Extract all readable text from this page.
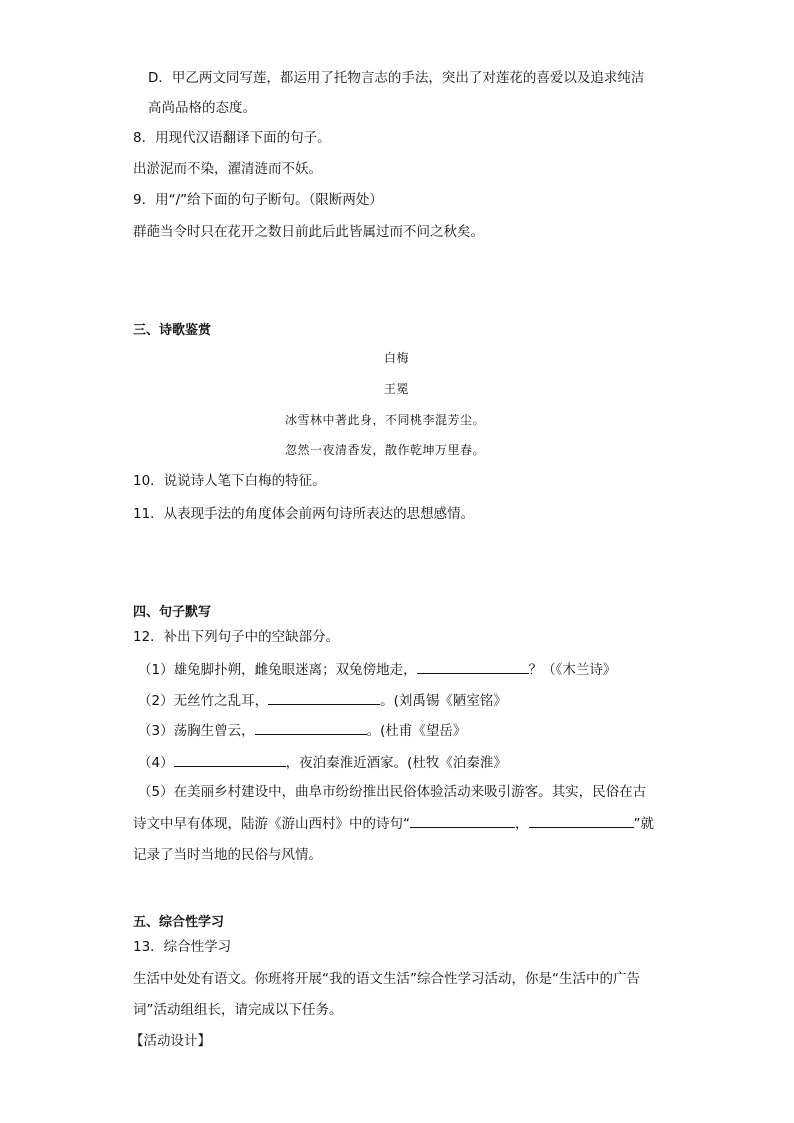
D．甲乙两文同写莲，都运用了托物言志的手法，突出了对莲花的喜爱以及追求纯洁
高尚品格的态度。
8．用现代汉语翻译下面的句子。
出淤泥而不染，濯清涟而不妖。
9．用“/”给下面的句子断句。（限断两处）
群葩当令时只在花开之数日前此后此皆属过而不问之秋矣。
三、诗歌鉴赏
白梅
王冕
冰雪林中著此身，不同桃李混芳尘。
忽然一夜清香发，散作乾坤万里春。
10．说说诗人笔下白梅的特征。
11．从表现手法的角度体会前两句诗所表达的思想感情。
四、句子默写
12．补出下列句子中的空缺部分。
（1）雄兔脚扑朔，雌兔眼迷离；双兔傍地走，	？（《木兰诗》
（2）无丝竹之乱耳，	。(刘禹锡《陋室铭》
（3）荡胸生曾云，	。(杜甫《望岳》
（4）	，夜泊秦淮近酒家。(杜牧《泊秦淮》
（5）在美丽乡村建设中，曲阜市纷纷推出民俗体验活动来吸引游客。其实，民俗在古
诗文中早有体现，陆游《游山西村》中的诗句“	，	”就
记录了当时当地的民俗与风情。
五、综合性学习
13．综合性学习
生活中处处有语文。你班将开展“我的语文生活”综合性学习活动，你是“生活中的广告
词”活动组组长，请完成以下任务。
【活动设计】
